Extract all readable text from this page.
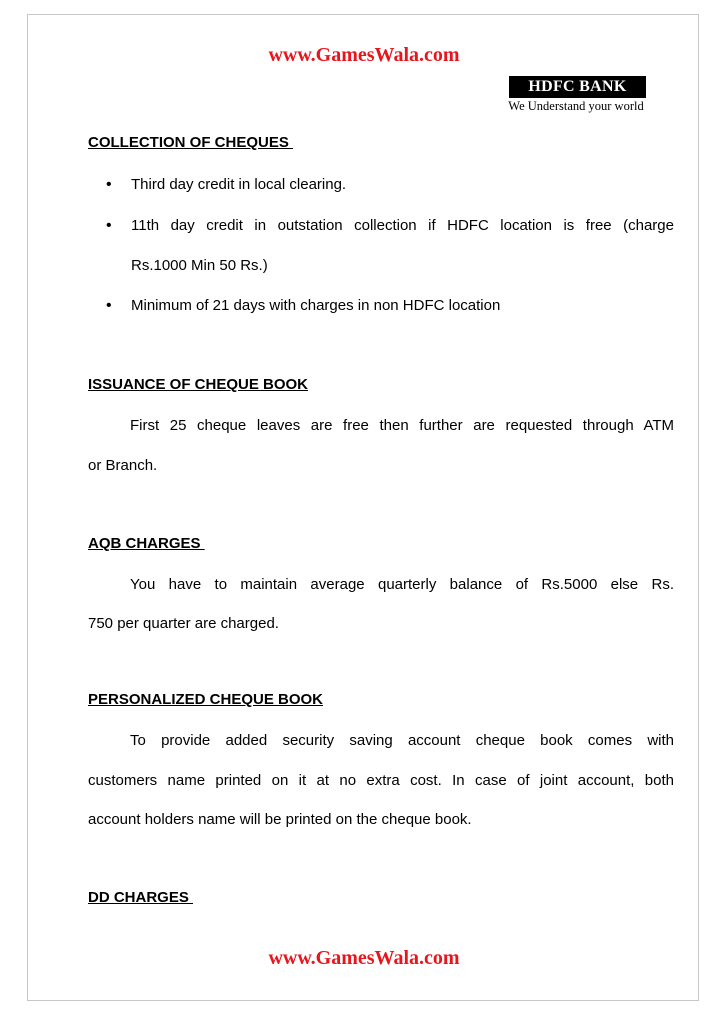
www.GamesWala.com
HDFC BANK
We Understand your world
COLLECTION OF CHEQUES
• Third day credit in local clearing.
• 11th day credit in outstation collection if HDFC location is free (charge
Rs.1000 Min 50 Rs.)
• Minimum of 21 days with charges in non HDFC location
ISSUANCE OF CHEQUE BOOK
First 25 cheque leaves are free then further are requested through ATM
or Branch.
AQB CHARGES
You have to maintain average quarterly balance of Rs.5000 else Rs.
750 per quarter are charged.
PERSONALIZED CHEQUE BOOK
To provide added security saving account cheque book comes with
customers name printed on it at no extra cost. In case of joint account, both
account holders name will be printed on the cheque book.
DD CHARGES
www.GamesWala.com
